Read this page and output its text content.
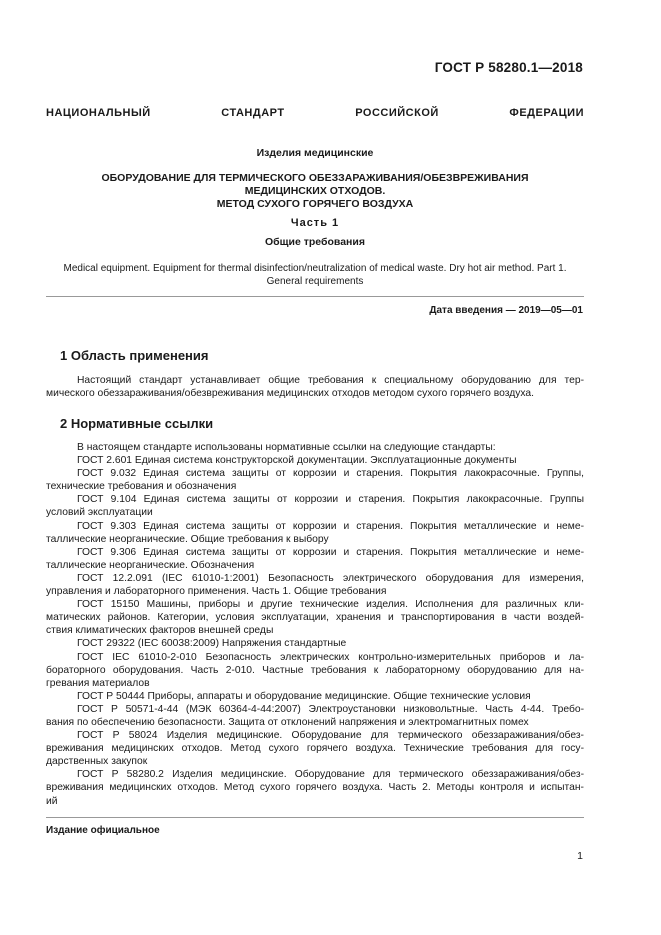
ГОСТ Р 58280.1—2018
НАЦИОНАЛЬНЫЙ СТАНДАРТ РОССИЙСКОЙ ФЕДЕРАЦИИ
Изделия медицинские
ОБОРУДОВАНИЕ ДЛЯ ТЕРМИЧЕСКОГО ОБЕЗЗАРАЖИВАНИЯ/ОБЕЗВРЕЖИВАНИЯ
МЕДИЦИНСКИХ ОТХОДОВ.
МЕТОД СУХОГО ГОРЯЧЕГО ВОЗДУХА
Часть 1
Общие требования
Medical equipment. Equipment for thermal disinfection/neutralization of medical waste. Dry hot air method. Part 1.
General requirements
Дата введения — 2019—05—01
1 Область применения
Настоящий стандарт устанавливает общие требования к специальному оборудованию для тер-
мического обеззараживания/обезвреживания медицинских отходов методом сухого горячего воздуха.
2 Нормативные ссылки

В настоящем стандарте использованы нормативные ссылки на следующие стандарты:

ГОСТ 2.601 Единая система конструкторской документации. Эксплуатационные документы

ГОСТ 9.032 Единая система защиты от коррозии и старения. Покрытия лакокрасочные. Группы,
технические требования и обозначения

ГОСТ 9.104 Единая система защиты от коррозии и старения. Покрытия лакокрасочные. Группы
условий эксплуатации

ГОСТ 9.303 Единая система защиты от коррозии и старения. Покрытия металлические и неме-
таллические неорганические. Общие требования к выбору

ГОСТ 9.306 Единая система защиты от коррозии и старения. Покрытия металлические и неме-
таллические неорганические. Обозначения

ГОСТ 12.2.091 (IEC 61010-1:2001) Безопасность электрического оборудования для измерения,
управления и лабораторного применения. Часть 1. Общие требования

ГОСТ 15150 Машины, приборы и другие технические изделия. Исполнения для различных кли-
матических районов. Категории, условия эксплуатации, хранения и транспортирования в части воздей-
ствия климатических факторов внешней среды

ГОСТ 29322 (IEC 60038:2009) Напряжения стандартные

ГОСТ IEC 61010-2-010 Безопасность электрических контрольно-измерительных приборов и ла-
бораторного оборудования. Часть 2-010. Частные требования к лабораторному оборудованию для на-
гревания материалов

ГОСТ Р 50444 Приборы, аппараты и оборудование медицинские. Общие технические условия

ГОСТ Р 50571-4-44 (МЭК 60364-4-44:2007) Электроустановки низковольтные. Часть 4-44. Требо-
вания по обеспечению безопасности. Защита от отклонений напряжения и электромагнитных помех

ГОСТ Р 58024 Изделия медицинские. Оборудование для термического обеззараживания/обез-
вреживания медицинских отходов. Метод сухого горячего воздуха. Технические требования для госу-
дарственных закупок

ГОСТ Р 58280.2 Изделия медицинские. Оборудование для термического обеззараживания/обез-
вреживания медицинских отходов. Метод сухого горячего воздуха. Часть 2. Методы контроля и испытан-
ий

Издание официальное
1
